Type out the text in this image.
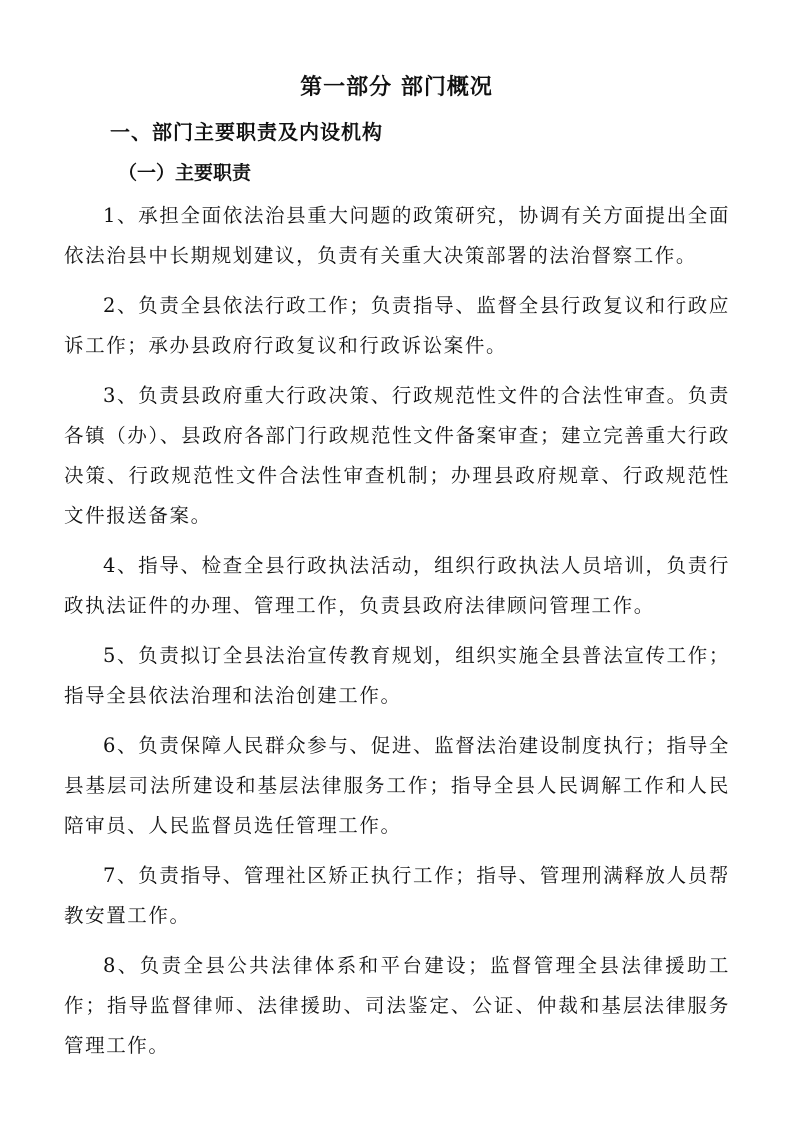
第一部分 部门概况
一、部门主要职责及内设机构
（一）主要职责

1、承担全面依法治县重大问题的政策研究，协调有关方面提出全面依法治县中长期规划建议，负责有关重大决策部署的法治督察工作。

2、负责全县依法行政工作；负责指导、监督全县行政复议和行政应诉工作；承办县政府行政复议和行政诉讼案件。

3、负责县政府重大行政决策、行政规范性文件的合法性审查。负责各镇（办）、县政府各部门行政规范性文件备案审查；建立完善重大行政决策、行政规范性文件合法性审查机制；办理县政府规章、行政规范性文件报送备案。

4、指导、检查全县行政执法活动，组织行政执法人员培训，负责行政执法证件的办理、管理工作，负责县政府法律顾问管理工作。

5、负责拟订全县法治宣传教育规划，组织实施全县普法宣传工作；指导全县依法治理和法治创建工作。

6、负责保障人民群众参与、促进、监督法治建设制度执行；指导全县基层司法所建设和基层法律服务工作；指导全县人民调解工作和人民陪审员、人民监督员选任管理工作。

7、负责指导、管理社区矫正执行工作；指导、管理刑满释放人员帮教安置工作。

8、负责全县公共法律体系和平台建设；监督管理全县法律援助工作；指导监督律师、法律援助、司法鉴定、公证、仲裁和基层法律服务管理工作。
